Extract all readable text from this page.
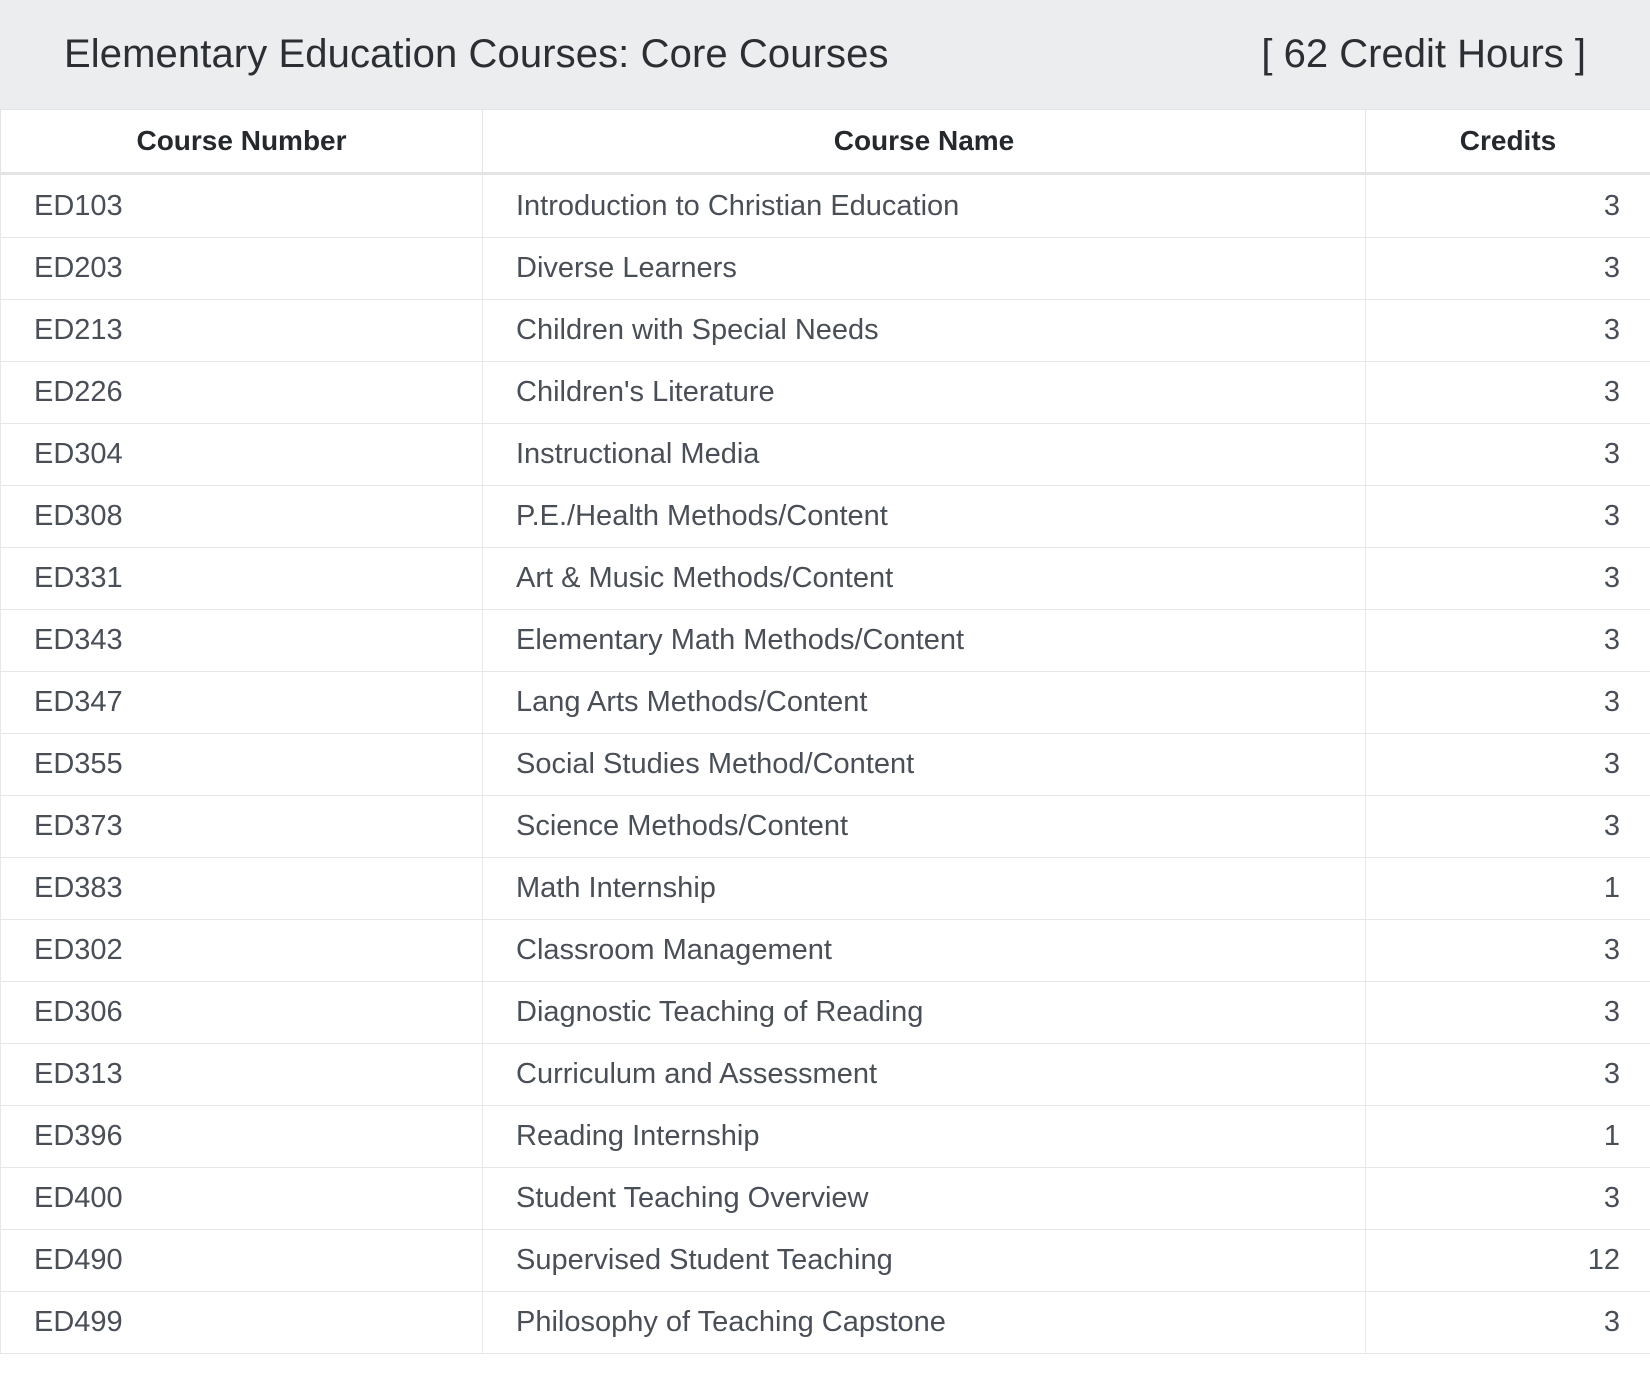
Elementary Education Courses: Core Courses	[ 62 Credit Hours ]
Course Number	Course Name	Credits
ED103	Introduction to Christian Education	3
ED203	Diverse Learners	3
ED213	Children with Special Needs	3
ED226	Children's Literature	3
ED304	Instructional Media	3
ED308	P.E./Health Methods/Content	3
ED331	Art & Music Methods/Content	3
ED343	Elementary Math Methods/Content	3
ED347	Lang Arts Methods/Content	3
ED355	Social Studies Method/Content	3
ED373	Science Methods/Content	3
ED383	Math Internship	1
ED302	Classroom Management	3
ED306	Diagnostic Teaching of Reading	3
ED313	Curriculum and Assessment	3
ED396	Reading Internship	1
ED400	Student Teaching Overview	3
ED490	Supervised Student Teaching	12
ED499	Philosophy of Teaching Capstone	3
